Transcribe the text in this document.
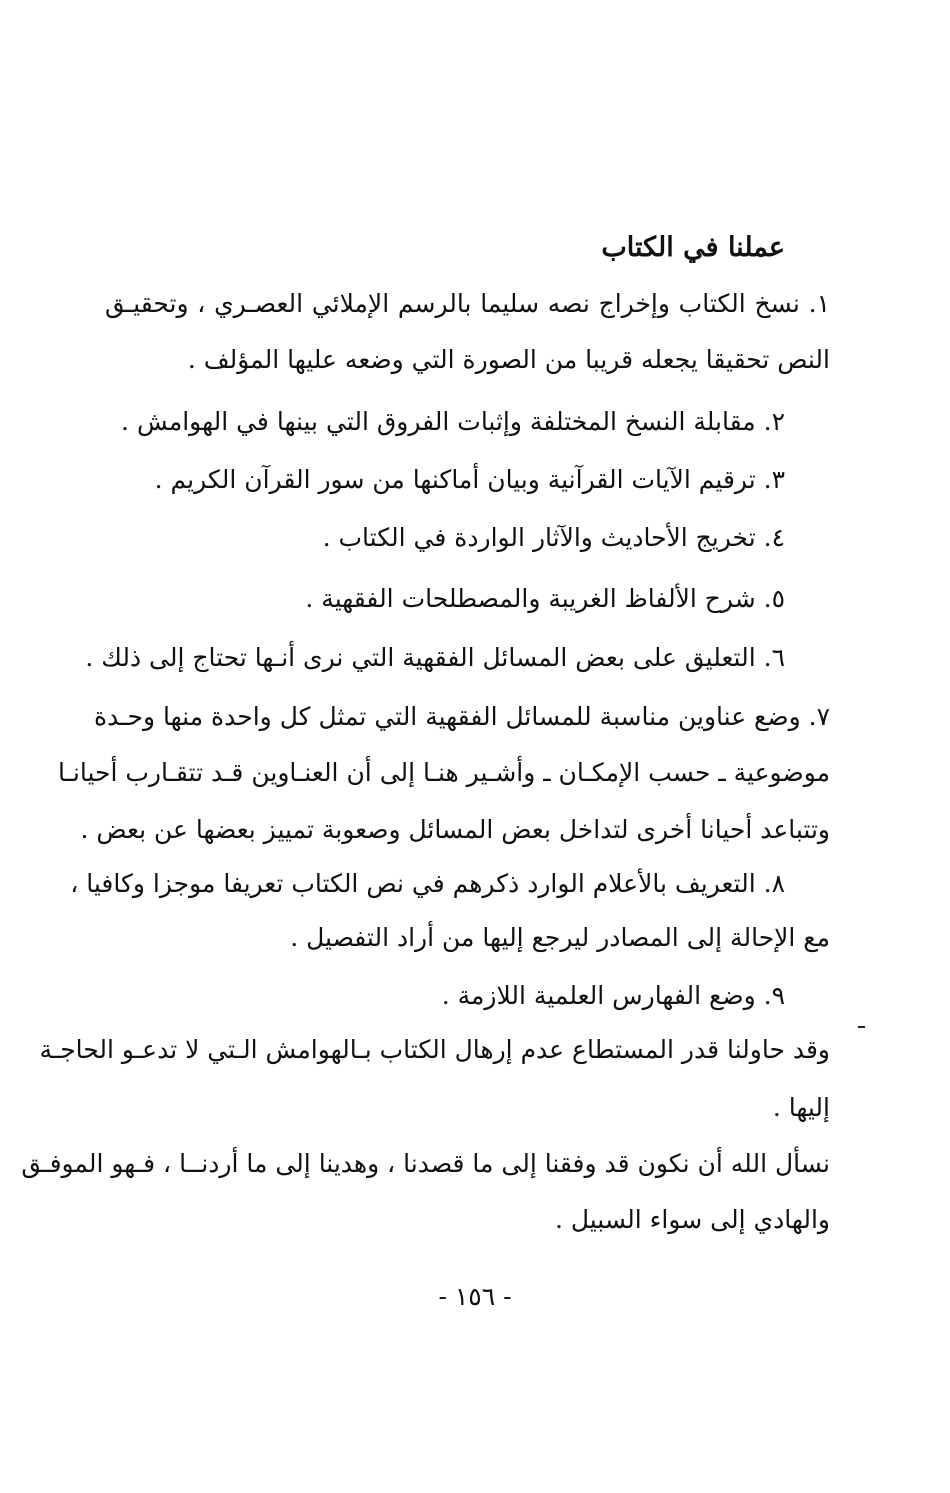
عملنا في الكتاب
١. نسخ الكتاب وإخراج نصه سليما بالرسم الإملائي العصـري ، وتحقيـق
النص تحقيقا يجعله قريبا من الصورة التي وضعه عليها المؤلف .
٢. مقابلة النسخ المختلفة وإثبات الفروق التي بينها في الهوامش .
٣. ترقيم الآيات القرآنية وبيان أماكنها من سور القرآن الكريم .
٤. تخريج الأحاديث والآثار الواردة في الكتاب .
٥. شرح الألفاظ الغريبة والمصطلحات الفقهية .
٦. التعليق على بعض المسائل الفقهية التي نرى أنـها تحتاج إلى ذلك .
٧. وضع عناوين مناسبة للمسائل الفقهية التي تمثل كل واحدة منها وحـدة
موضوعية ـ حسب الإمكـان ـ وأشـير هنـا إلى أن العنـاوين قـد تتقـارب أحيانـا
وتتباعد أحيانا أخرى لتداخل بعض المسائل وصعوبة تمييز بعضها عن بعض .
٨. التعريف بالأعلام الوارد ذكرهم في نص الكتاب تعريفا موجزا وكافيا ،
مع الإحالة إلى المصادر ليرجع إليها من أراد التفصيل .
٩. وضع الفهارس العلمية اللازمة .
وقد حاولنا قدر المستطاع عدم إرهال الكتاب بـالهوامش الـتي لا تدعـو الحاجـة
إليها .
نسأل الله أن نكون قد وفقنا إلى ما قصدنا ، وهدينا إلى ما أردنــا ، فـهو الموفـق
والهادي إلى سواء السبيل .
- ١٥٦ -
